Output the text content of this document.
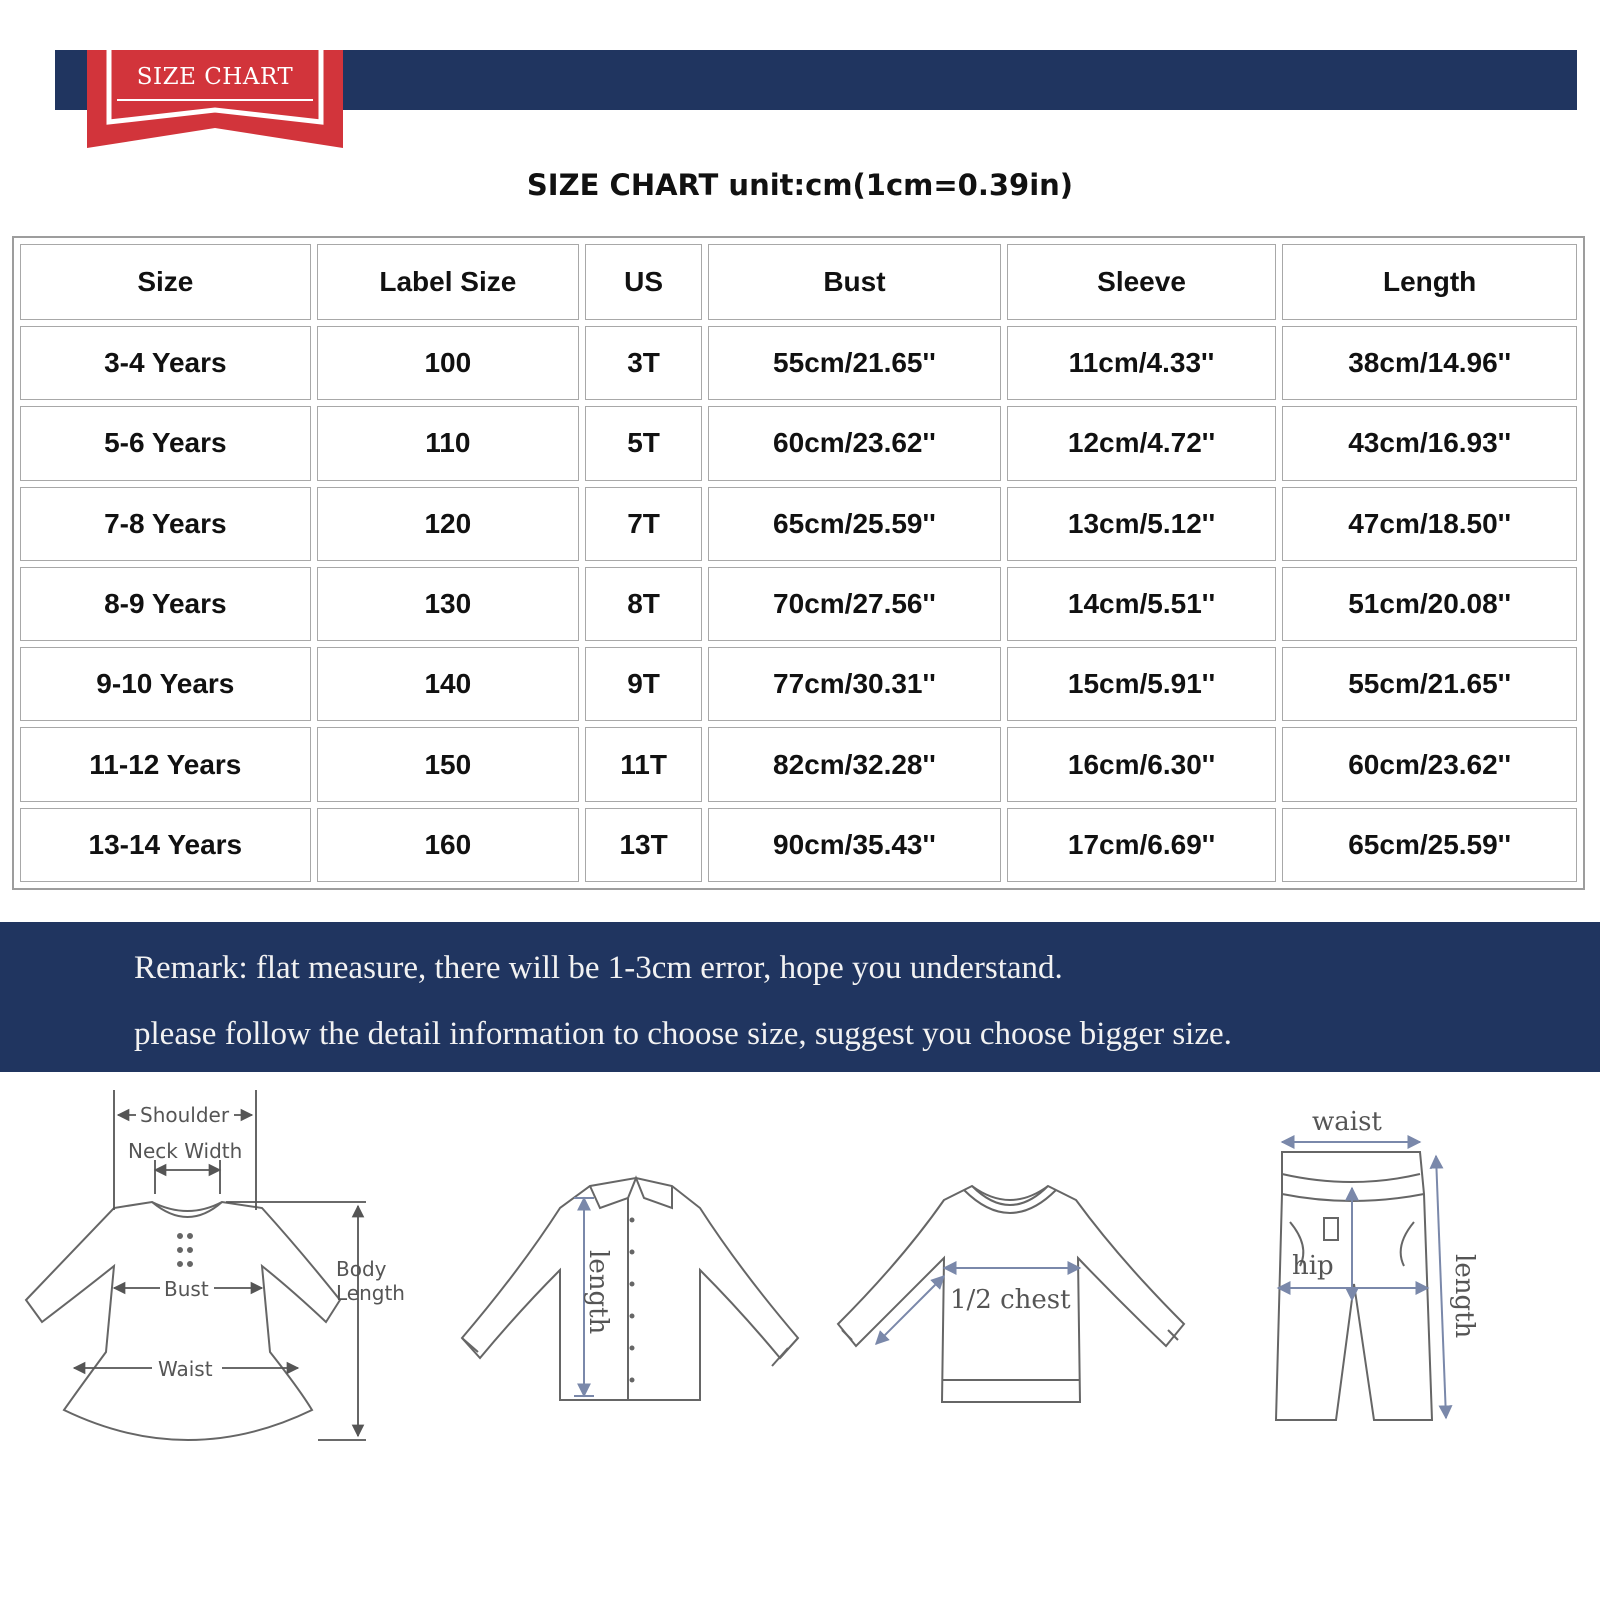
SIZE CHART
SIZE CHART unit:cm(1cm=0.39in)
Size	Label Size	US	Bust	Sleeve	Length
3-4 Years	100	3T	55cm/21.65''	11cm/4.33''	38cm/14.96''
5-6 Years	110	5T	60cm/23.62''	12cm/4.72''	43cm/16.93''
7-8 Years	120	7T	65cm/25.59''	13cm/5.12''	47cm/18.50''
8-9 Years	130	8T	70cm/27.56''	14cm/5.51''	51cm/20.08''
9-10 Years	140	9T	77cm/30.31''	15cm/5.91''	55cm/21.65''
11-12 Years	150	11T	82cm/32.28''	16cm/6.30''	60cm/23.62''
13-14 Years	160	13T	90cm/35.43''	17cm/6.69''	65cm/25.59''
Remark: flat measure, there will be 1-3cm error, hope you understand.
please follow the detail information to choose size, suggest you choose bigger size.
Shoulder
Neck Width
Bust
Waist
Body
Length	length	1/2 chest
waist
hip	length
